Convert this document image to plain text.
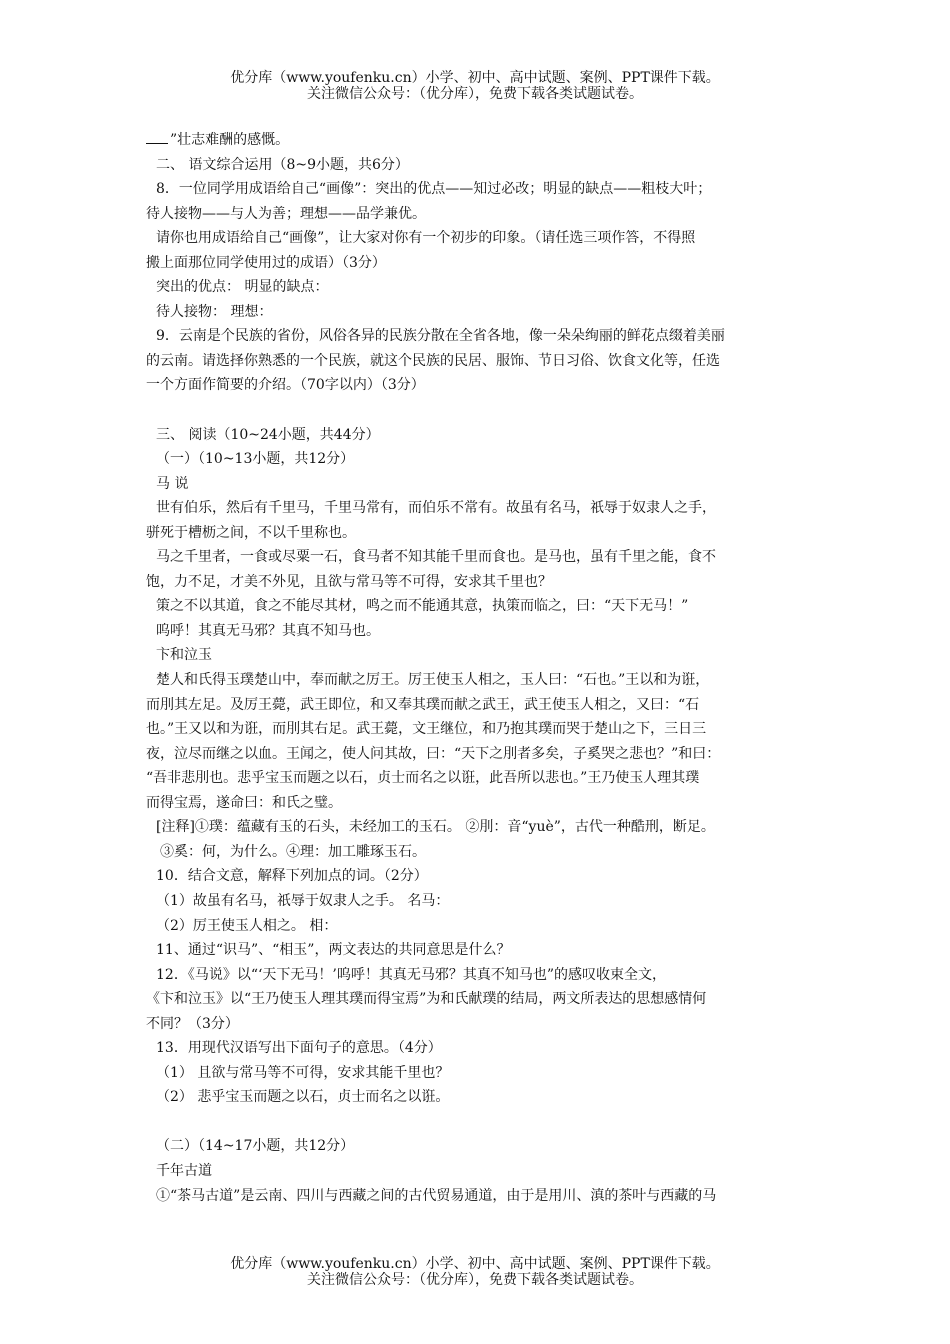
优分库（www.youfenku.cn）小学、初中、高中试题、案例、PPT课件下载。
关注微信公众号：（优分库），免费下载各类试题试卷。
”壮志难酬的感慨。
二、 语文综合运用（8~9小题，共6分）
8．一位同学用成语给自己“画像”：突出的优点——知过必改；明显的缺点——粗枝大叶；
待人接物——与人为善；理想——品学兼优。
请你也用成语给自己“画像”，让大家对你有一个初步的印象。（请任选三项作答，不得照
搬上面那位同学使用过的成语）（3分）
突出的优点： 明显的缺点：
待人接物： 理想：
9．云南是个民族的省份，风俗各异的民族分散在全省各地，像一朵朵绚丽的鲜花点缀着美丽
的云南。请选择你熟悉的一个民族，就这个民族的民居、服饰、节日习俗、饮食文化等，任选
一个方面作简要的介绍。（70字以内）（3分）
三、 阅读（10~24小题，共44分）
（一）（10~13小题，共12分）
马 说
世有伯乐，然后有千里马，千里马常有，而伯乐不常有。故虽有名马，祇辱于奴隶人之手，
骈死于槽枥之间，不以千里称也。
马之千里者，一食或尽粟一石，食马者不知其能千里而食也。是马也，虽有千里之能，食不
饱，力不足，才美不外见，且欲与常马等不可得，安求其千里也？
策之不以其道，食之不能尽其材，鸣之而不能通其意，执策而临之，曰：“天下无马！”
呜呼！其真无马邪？其真不知马也。
卞和泣玉
楚人和氏得玉璞楚山中，奉而献之厉王。厉王使玉人相之，玉人曰：“石也。”王以和为诳，
而刖其左足。及厉王薨，武王即位，和又奉其璞而献之武王，武王使玉人相之，又曰：“石
也。”王又以和为诳，而刖其右足。武王薨，文王继位，和乃抱其璞而哭于楚山之下，三日三
夜，泣尽而继之以血。王闻之，使人问其故，曰：“天下之刖者多矣，子奚哭之悲也？”和曰：
“吾非悲刖也。悲乎宝玉而题之以石，贞士而名之以诳，此吾所以悲也。”王乃使玉人理其璞
而得宝焉，遂命曰：和氏之璧。
[注释]①璞：蕴藏有玉的石头，未经加工的玉石。 ②刖：音“yuè”，古代一种酷刑，断足。
③奚：何，为什么。④理：加工雕琢玉石。
10．结合文意，解释下列加点的词。（2分）
（1）故虽有名马，祇辱于奴隶人之手。 名马：
（2）厉王使玉人相之。 相：
11、通过“识马”、“相玉”，两文表达的共同意思是什么？
12．《马说》以“‘天下无马！’呜呼！其真无马邪？其真不知马也”的感叹收束全文，
《卞和泣玉》以“王乃使玉人理其璞而得宝焉”为和氏献璞的结局，两文所表达的思想感情何
不同？（3分）
13．用现代汉语写出下面句子的意思。（4分）
（1） 且欲与常马等不可得，安求其能千里也？
（2） 悲乎宝玉而题之以石，贞士而名之以诳。
（二）（14~17小题，共12分）
千年古道
①“茶马古道”是云南、四川与西藏之间的古代贸易通道，由于是用川、滇的茶叶与西藏的马
优分库（www.youfenku.cn）小学、初中、高中试题、案例、PPT课件下载。
关注微信公众号：（优分库），免费下载各类试题试卷。
